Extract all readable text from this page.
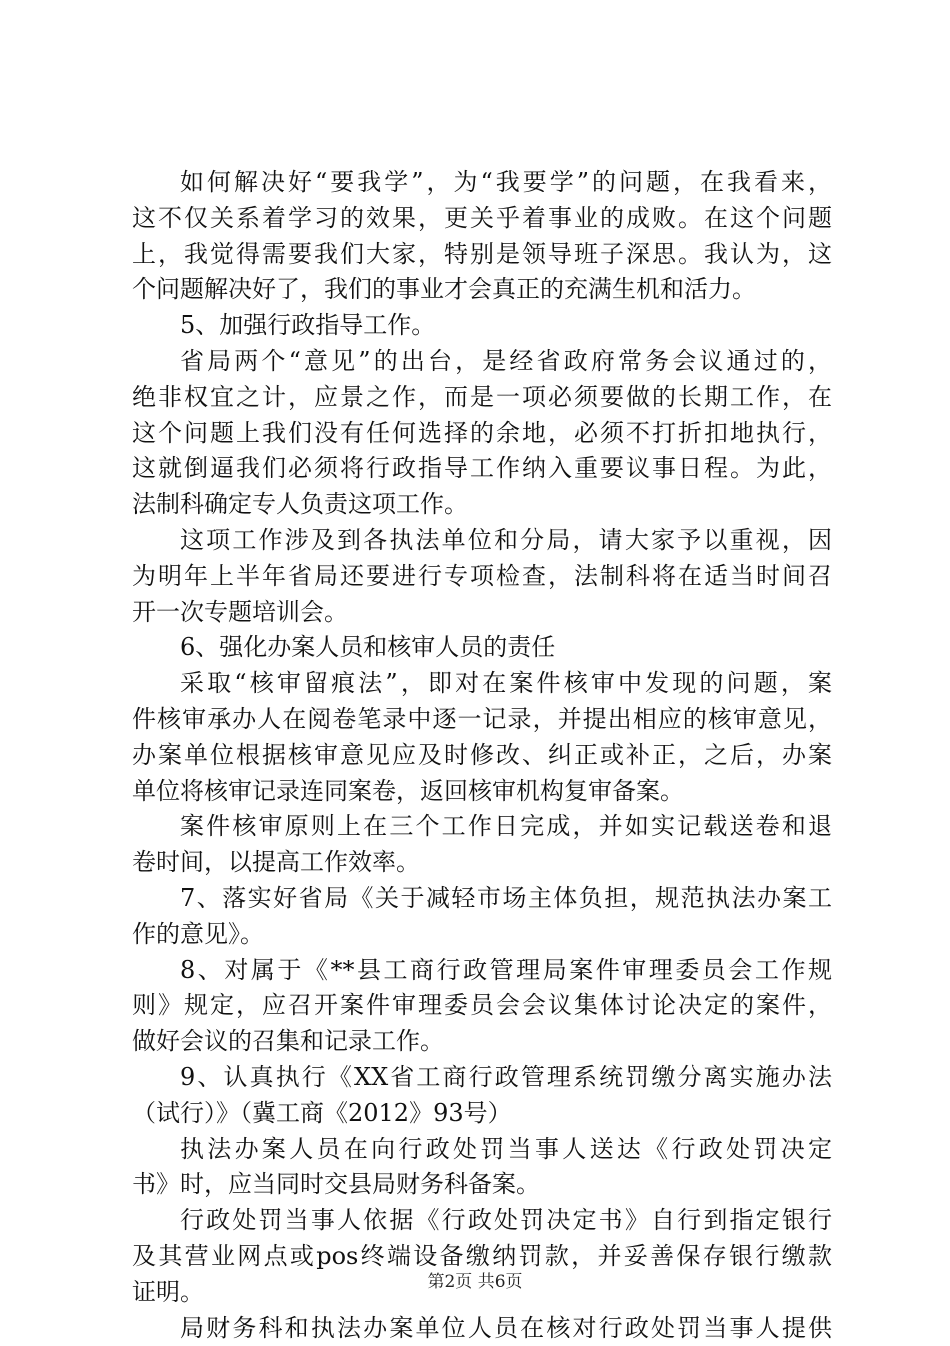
如何解决好“要我学”，为“我要学”的问题，在我看来，
这不仅关系着学习的效果，更关乎着事业的成败。在这个问题
上，我觉得需要我们大家，特别是领导班子深思。我认为，这
个问题解决好了，我们的事业才会真正的充满生机和活力。
5、加强行政指导工作。
省局两个“意见”的出台，是经省政府常务会议通过的，
绝非权宜之计，应景之作，而是一项必须要做的长期工作，在
这个问题上我们没有任何选择的余地，必须不打折扣地执行，
这就倒逼我们必须将行政指导工作纳入重要议事日程。为此，
法制科确定专人负责这项工作。
这项工作涉及到各执法单位和分局，请大家予以重视，因
为明年上半年省局还要进行专项检查，法制科将在适当时间召
开一次专题培训会。
6、强化办案人员和核审人员的责任
采取“核审留痕法”，即对在案件核审中发现的问题，案
件核审承办人在阅卷笔录中逐一记录，并提出相应的核审意见，
办案单位根据核审意见应及时修改、纠正或补正，之后，办案
单位将核审记录连同案卷，返回核审机构复审备案。
案件核审原则上在三个工作日完成，并如实记载送卷和退
卷时间，以提高工作效率。
7、落实好省局《关于减轻市场主体负担，规范执法办案工
作的意见》。
8、对属于《**县工商行政管理局案件审理委员会工作规
则》规定，应召开案件审理委员会会议集体讨论决定的案件，
做好会议的召集和记录工作。
9、认真执行《XX省工商行政管理系统罚缴分离实施办法
（试行）》（冀工商《2012》93号）
执法办案人员在向行政处罚当事人送达《行政处罚决定
书》时，应当同时交县局财务科备案。
行政处罚当事人依据《行政处罚决定书》自行到指定银行
及其营业网点或pos终端设备缴纳罚款，并妥善保存银行缴款
证明。
局财务科和执法办案单位人员在核对行政处罚当事人提供
第2页 共6页
